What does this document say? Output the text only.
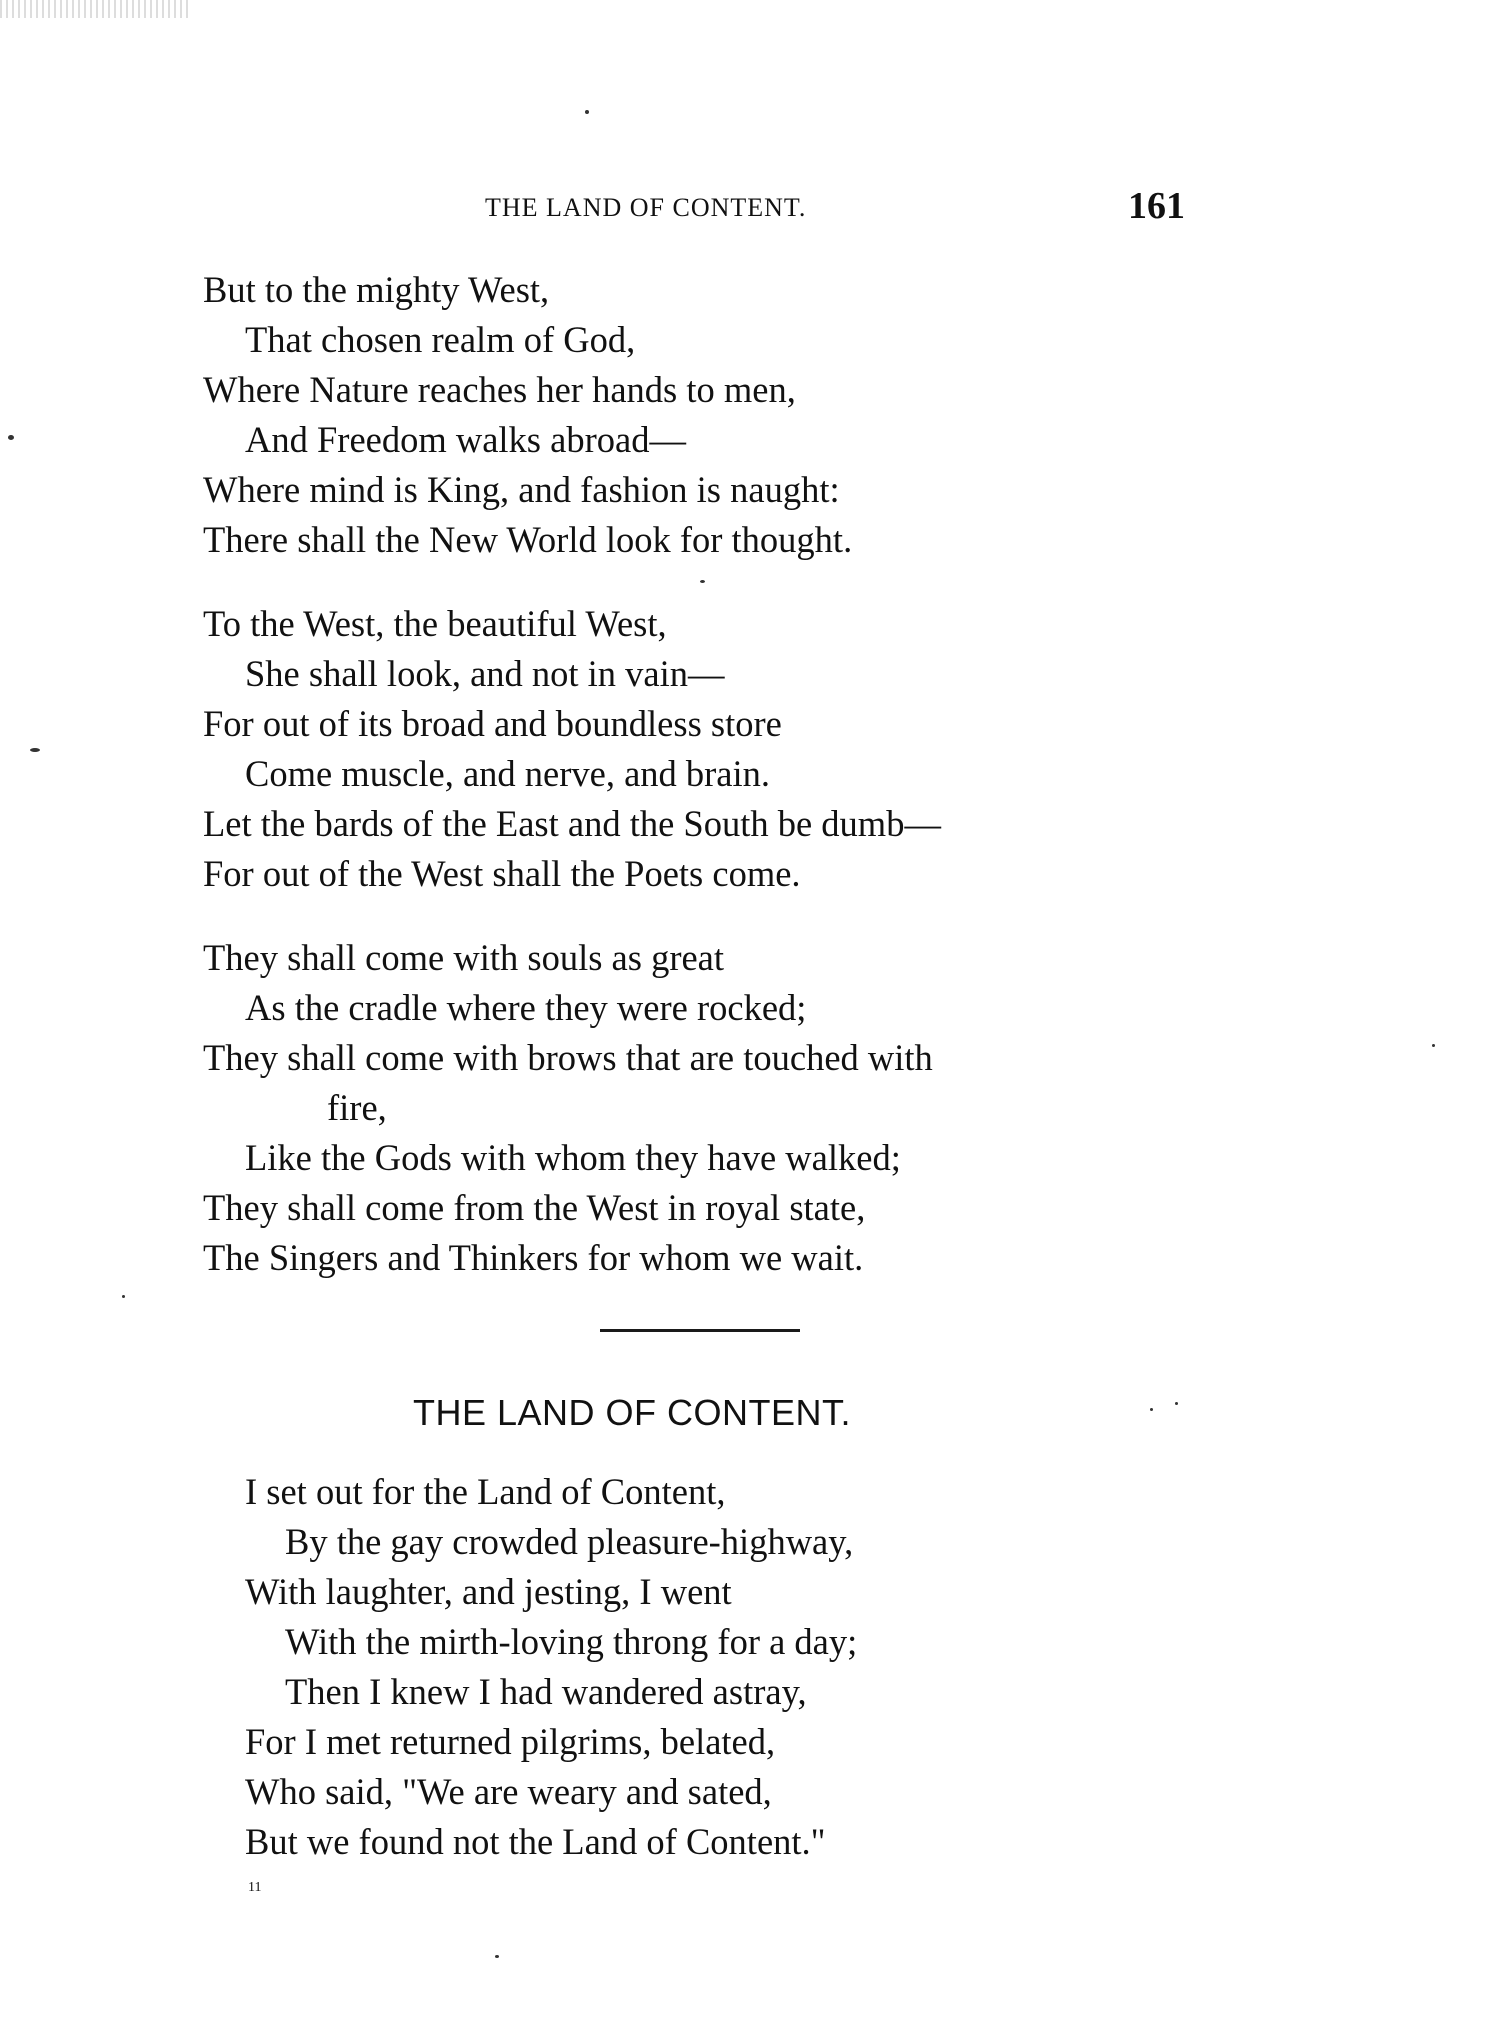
THE LAND OF CONTENT.	161
But to the mighty West,
That chosen realm of God,
Where Nature reaches her hands to men,
And Freedom walks abroad—
Where mind is King, and fashion is naught:
There shall the New World look for thought.
To the West, the beautiful West,
She shall look, and not in vain—
For out of its broad and boundless store
Come muscle, and nerve, and brain.
Let the bards of the East and the South be dumb—
For out of the West shall the Poets come.
They shall come with souls as great
As the cradle where they were rocked;
They shall come with brows that are touched with
fire,
Like the Gods with whom they have walked;
They shall come from the West in royal state,
The Singers and Thinkers for whom we wait.
THE LAND OF CONTENT.
I set out for the Land of Content,
By the gay crowded pleasure-highway,
With laughter, and jesting, I went
With the mirth-loving throng for a day;
Then I knew I had wandered astray,
For I met returned pilgrims, belated,
Who said, "We are weary and sated,
But we found not the Land of Content."
11
